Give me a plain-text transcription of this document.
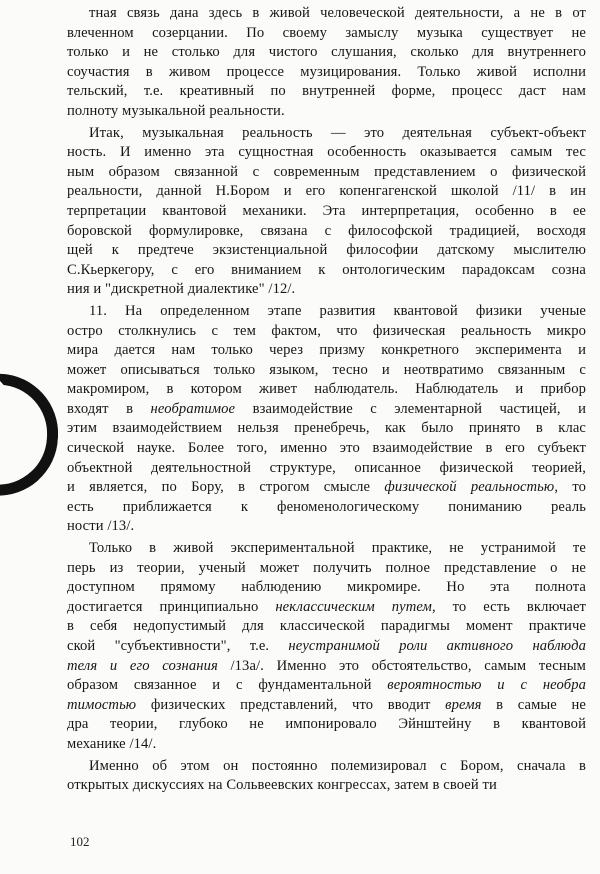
тная связь дана здесь в живой человеческой деятельности, а не в от
влеченном созерцании. По своему замыслу музыка существует не
только и не столько для чистого слушания, сколько для внутреннего
соучастия в живом процессе музицирования. Только живой исполни
тельский, т.е. креативный по внутренней форме, процесс даст нам
полноту музыкальной реальности.
Итак, музыкальная реальность — это деятельная субъект-объект
ность. И именно эта сущностная особенность оказывается самым тес
ным образом связанной с современным представлением о физической
реальности, данной Н.Бором и его копенгагенской школой /11/ в ин
терпретации квантовой механики. Эта интерпретация, особенно в ее
боровской формулировке, связана с философской традицией, восходя
щей к предтече экзистенциальной философии датскому мыслителю
С.Кьеркегору, с его вниманием к онтологическим парадоксам созна
ния и "дискретной диалектике" /12/.
11. На определенном этапе развития квантовой физики ученые
остро столкнулись с тем фактом, что физическая реальность микро
мира дается нам только через призму конкретного эксперимента и
может описываться только языком, тесно и неотвратимо связанным с
макромиром, в котором живет наблюдатель. Наблюдатель и прибор
входят в необратимое взаимодействие с элементарной частицей, и
этим взаимодействием нельзя пренебречь, как было принято в клас
сической науке. Более того, именно это взаимодействие в его субъект
объектной деятельностной структуре, описанное физической теорией,
и является, по Бору, в строгом смысле физической реальностью, то
есть приближается к феноменологическому пониманию реаль
ности /13/.
Только в живой экспериментальной практике, не устранимой те
перь из теории, ученый может получить полное представление о не
доступном прямому наблюдению микромире. Но эта полнота
достигается принципиально неклассическим путем, то есть включает
в себя недопустимый для классической парадигмы момент практиче
ской "субъективности", т.е. неустранимой роли активного наблюда
теля и его сознания /13а/. Именно это обстоятельство, самым тесным
образом связанное и с фундаментальной вероятностью и с необра
тимостью физических представлений, что вводит время в самые не
дра теории, глубоко не импонировало Эйнштейну в квантовой
механике /14/.
Именно об этом он постоянно полемизировал с Бором, сначала в
открытых дискуссиях на Сольвеевских конгрессах, затем в своей ти
102
